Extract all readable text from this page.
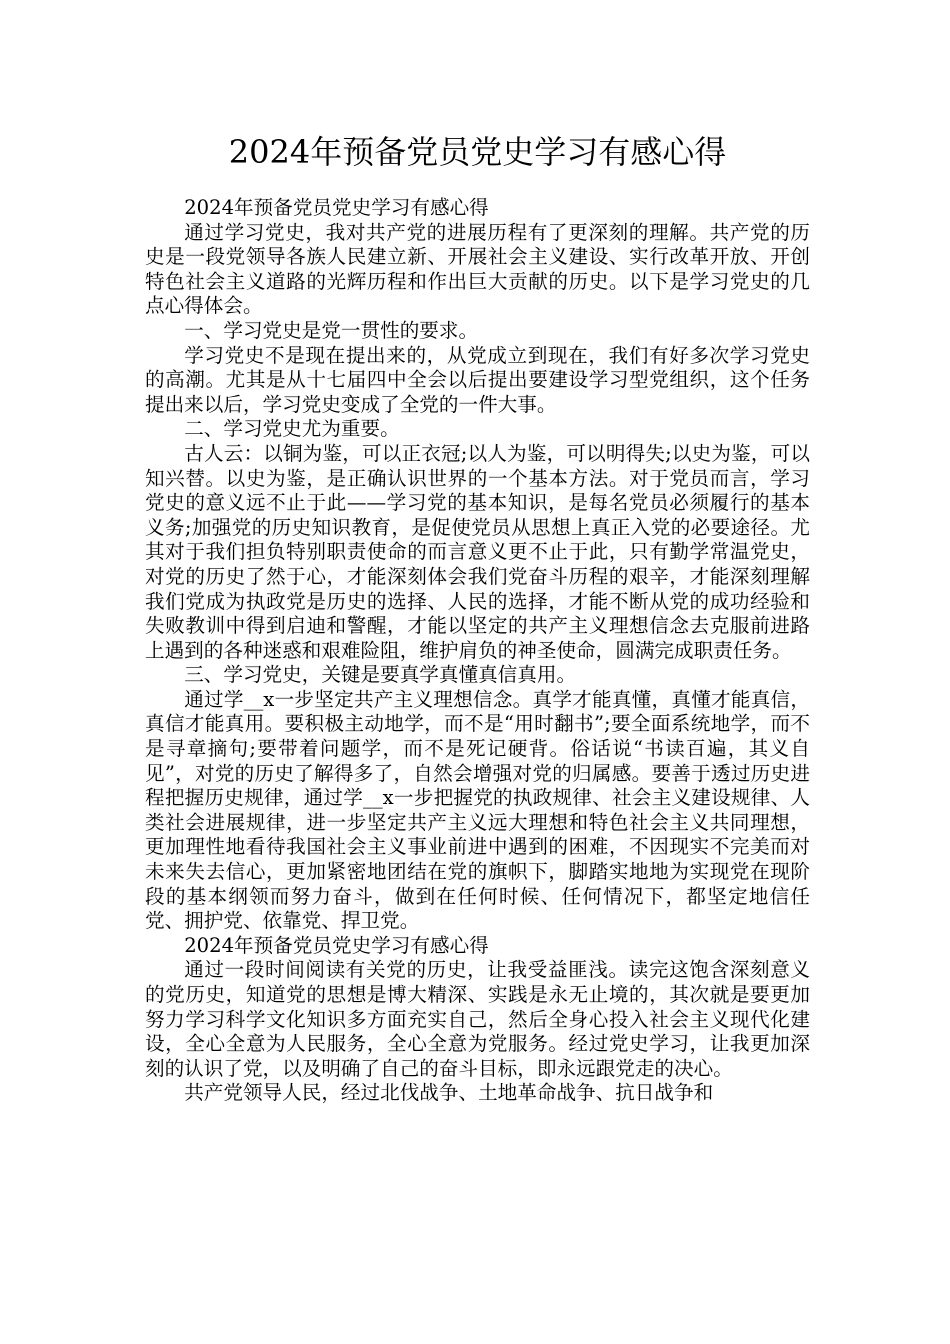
2024年预备党员党史学习有感心得

2024年预备党员党史学习有感心得

通过学习党史，我对共产党的进展历程有了更深刻的理解。共产党的历史是一段党领导各族人民建立新、开展社会主义建设、实行改革开放、开创特色社会主义道路的光辉历程和作出巨大贡献的历史。以下是学习党史的几点心得体会。

一、学习党史是党一贯性的要求。

学习党史不是现在提出来的，从党成立到现在，我们有好多次学习党史的高潮。尤其是从十七届四中全会以后提出要建设学习型党组织，这个任务提出来以后，学习党史变成了全党的一件大事。

二、学习党史尤为重要。

古人云：以铜为鉴，可以正衣冠;以人为鉴，可以明得失;以史为鉴，可以知兴替。以史为鉴，是正确认识世界的一个基本方法。对于党员而言，学习党史的意义远不止于此——学习党的基本知识，是每名党员必须履行的基本义务;加强党的历史知识教育，是促使党员从思想上真正入党的必要途径。尤其对于我们担负特别职责使命的而言意义更不止于此，只有勤学常温党史，对党的历史了然于心，才能深刻体会我们党奋斗历程的艰辛，才能深刻理解我们党成为执政党是历史的选择、人民的选择，才能不断从党的成功经验和失败教训中得到启迪和警醒，才能以坚定的共产主义理想信念去克服前进路上遇到的各种迷惑和艰难险阻，维护肩负的神圣使命，圆满完成职责任务。

三、学习党史，关键是要真学真懂真信真用。

通过学__x一步坚定共产主义理想信念。真学才能真懂，真懂才能真信，真信才能真用。要积极主动地学，而不是“用时翻书”;要全面系统地学，而不是寻章摘句;要带着问题学，而不是死记硬背。俗话说“书读百遍，其义自见”，对党的历史了解得多了，自然会增强对党的归属感。要善于透过历史进程把握历史规律，通过学__x一步把握党的执政规律、社会主义建设规律、人类社会进展规律，进一步坚定共产主义远大理想和特色社会主义共同理想，更加理性地看待我国社会主义事业前进中遇到的困难，不因现实不完美而对未来失去信心，更加紧密地团结在党的旗帜下，脚踏实地地为实现党在现阶段的基本纲领而努力奋斗，做到在任何时候、任何情况下，都坚定地信任党、拥护党、依靠党、捍卫党。

2024年预备党员党史学习有感心得

通过一段时间阅读有关党的历史，让我受益匪浅。读完这饱含深刻意义的党历史，知道党的思想是博大精深、实践是永无止境的，其次就是要更加努力学习科学文化知识多方面充实自己，然后全身心投入社会主义现代化建设，全心全意为人民服务，全心全意为党服务。经过党史学习，让我更加深刻的认识了党，以及明确了自己的奋斗目标，即永远跟党走的决心。

共产党领导人民，经过北伐战争、土地革命战争、抗日战争和
